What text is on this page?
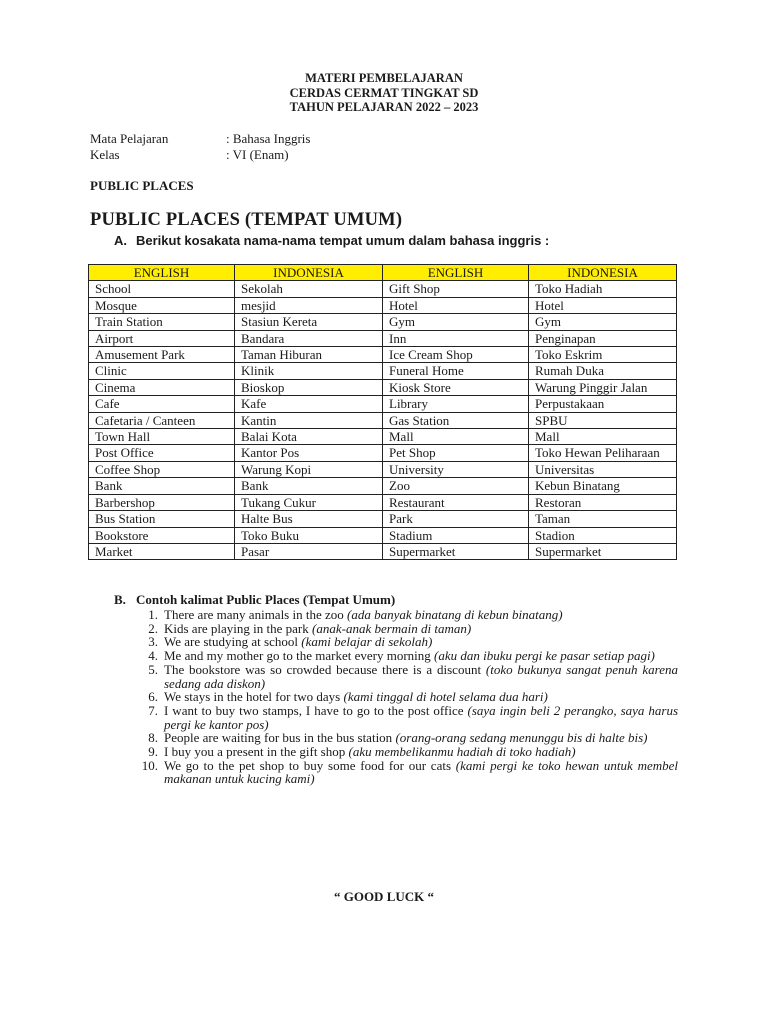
MATERI PEMBELAJARAN
CERDAS CERMAT TINGKAT SD
TAHUN PELAJARAN 2022 – 2023
Mata Pelajaran	: Bahasa Inggris
Kelas	: VI (Enam)
PUBLIC PLACES
PUBLIC PLACES (TEMPAT UMUM)
A. Berikut kosakata nama-nama tempat umum dalam bahasa inggris :
ENGLISH	INDONESIA	ENGLISH	INDONESIA
School	Sekolah	Gift Shop	Toko Hadiah
Mosque	mesjid	Hotel	Hotel
Train Station	Stasiun Kereta	Gym	Gym
Airport	Bandara	Inn	Penginapan
Amusement Park	Taman Hiburan	Ice Cream Shop	Toko Eskrim
Clinic	Klinik	Funeral Home	Rumah Duka
Cinema	Bioskop	Kiosk Store	Warung Pinggir Jalan
Cafe	Kafe	Library	Perpustakaan
Cafetaria / Canteen	Kantin	Gas Station	SPBU
Town Hall	Balai Kota	Mall	Mall
Post Office	Kantor Pos	Pet Shop	Toko Hewan Peliharaan
Coffee Shop	Warung Kopi	University	Universitas
Bank	Bank	Zoo	Kebun Binatang
Barbershop	Tukang Cukur	Restaurant	Restoran
Bus Station	Halte Bus	Park	Taman
Bookstore	Toko Buku	Stadium	Stadion
Market	Pasar	Supermarket	Supermarket
B. Contoh kalimat Public Places (Tempat Umum)
1. There are many animals in the zoo (ada banyak binatang di kebun binatang)
2. Kids are playing in the park (anak-anak bermain di taman)
3. We are studying at school (kami belajar di sekolah)
4. Me and my mother go to the market every morning (aku dan ibuku pergi ke pasar setiap pagi)
5. The bookstore was so crowded because there is a discount (toko bukunya sangat penuh karena sedang ada diskon)
6. We stays in the hotel for two days (kami tinggal di hotel selama dua hari)
7. I want to buy two stamps, I have to go to the post office (saya ingin beli 2 perangko, saya harus pergi ke kantor pos)
8. People are waiting for bus in the bus station (orang-orang sedang menunggu bis di halte bis)
9. I buy you a present in the gift shop (aku membelikanmu hadiah di toko hadiah)
10. We go to the pet shop to buy some food for our cats (kami pergi ke toko hewan untuk membel makanan untuk kucing kami)
“ GOOD LUCK “
